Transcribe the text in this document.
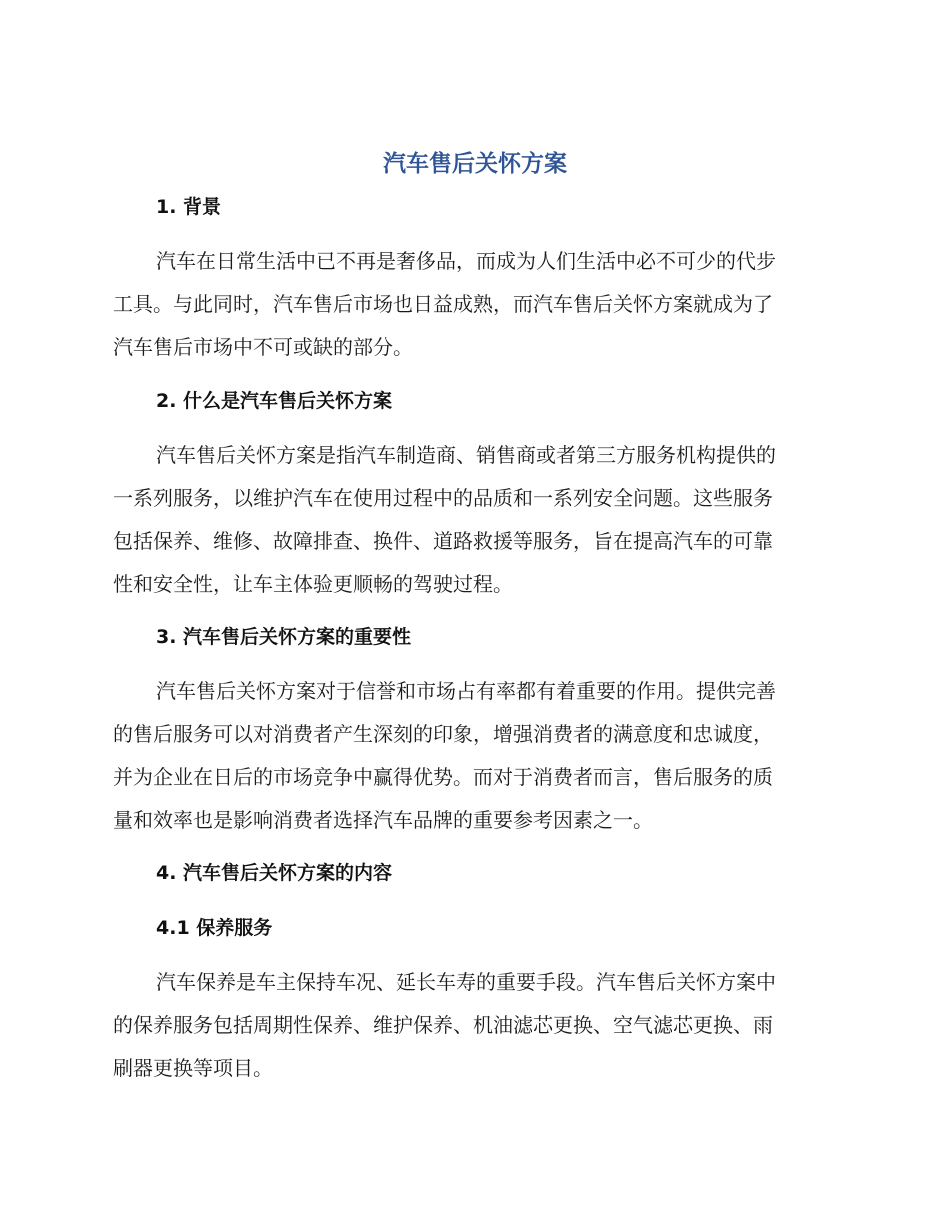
汽车售后关怀方案
1. 背景

汽车在日常生活中已不再是奢侈品，而成为人们生活中必不可少的代步
工具。与此同时，汽车售后市场也日益成熟，而汽车售后关怀方案就成为了
汽车售后市场中不可或缺的部分。

2. 什么是汽车售后关怀方案

汽车售后关怀方案是指汽车制造商、销售商或者第三方服务机构提供的
一系列服务，以维护汽车在使用过程中的品质和一系列安全问题。这些服务
包括保养、维修、故障排查、换件、道路救援等服务，旨在提高汽车的可靠
性和安全性，让车主体验更顺畅的驾驶过程。

3. 汽车售后关怀方案的重要性

汽车售后关怀方案对于信誉和市场占有率都有着重要的作用。提供完善
的售后服务可以对消费者产生深刻的印象，增强消费者的满意度和忠诚度，
并为企业在日后的市场竞争中赢得优势。而对于消费者而言，售后服务的质
量和效率也是影响消费者选择汽车品牌的重要参考因素之一。

4. 汽车售后关怀方案的内容
4.1 保养服务

汽车保养是车主保持车况、延长车寿的重要手段。汽车售后关怀方案中
的保养服务包括周期性保养、维护保养、机油滤芯更换、空气滤芯更换、雨
刷器更换等项目。
